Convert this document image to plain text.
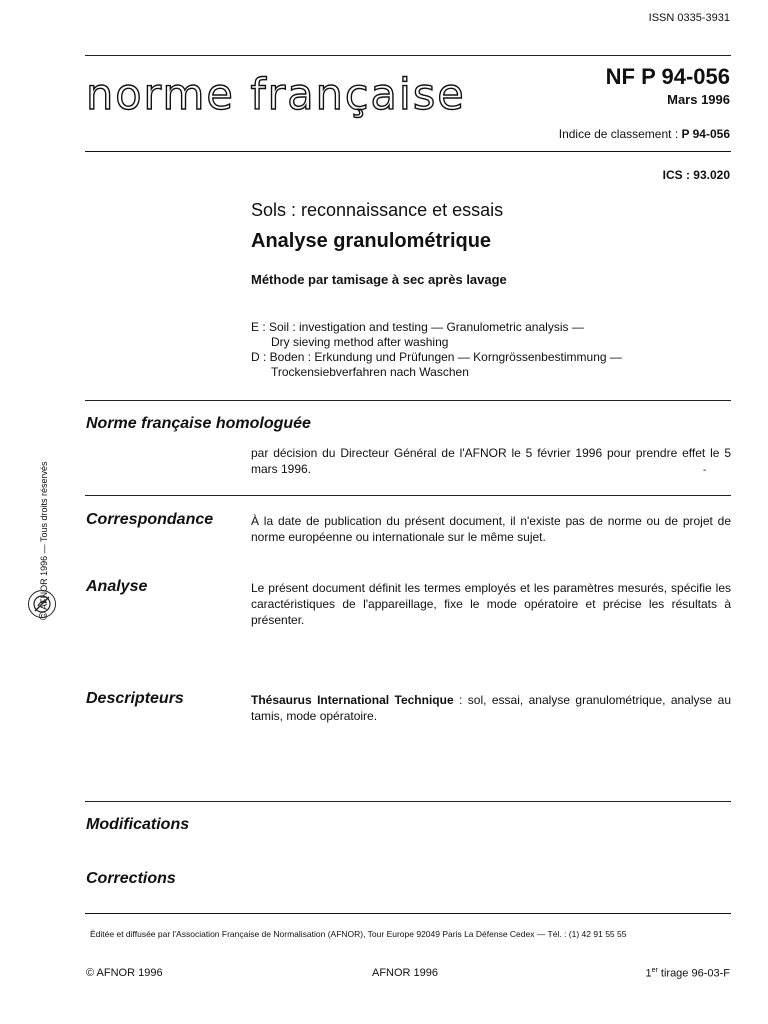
ISSN 0335-3931
norme française	NF P 94-056
Mars 1996
Indice de classement : P 94-056
ICS : 93.020
Sols : reconnaissance et essais
Analyse granulométrique
Méthode par tamisage à sec après lavage
E : Soil : investigation and testing — Granulometric analysis —
Dry sieving method after washing
D : Boden : Erkundung und Prüfungen — Korngrössenbestimmung —
Trockensiebverfahren nach Waschen
Norme française homologuée
par décision du Directeur Général de l'AFNOR le 5 février 1996 pour prendre effet le 5 mars 1996.	-
Correspondance	À la date de publication du présent document, il n'existe pas de norme ou de projet de norme européenne ou internationale sur le même sujet.
Analyse	Le présent document définit les termes employés et les paramètres mesurés, spécifie les caractéristiques de l'appareillage, fixe le mode opératoire et précise les résultats à présenter.
Descripteurs	Thésaurus International Technique : sol, essai, analyse granulométrique, analyse au tamis, mode opératoire.
Modifications
Corrections
Éditée et diffusée par l'Association Française de Normalisation (AFNOR), Tour Europe 92049 Paris La Défense Cedex — Tél. : (1) 42 91 55 55
© AFNOR 1996	AFNOR 1996	1er tirage 96-03-F
© AFNOR 1996 — Tous droits réservés
